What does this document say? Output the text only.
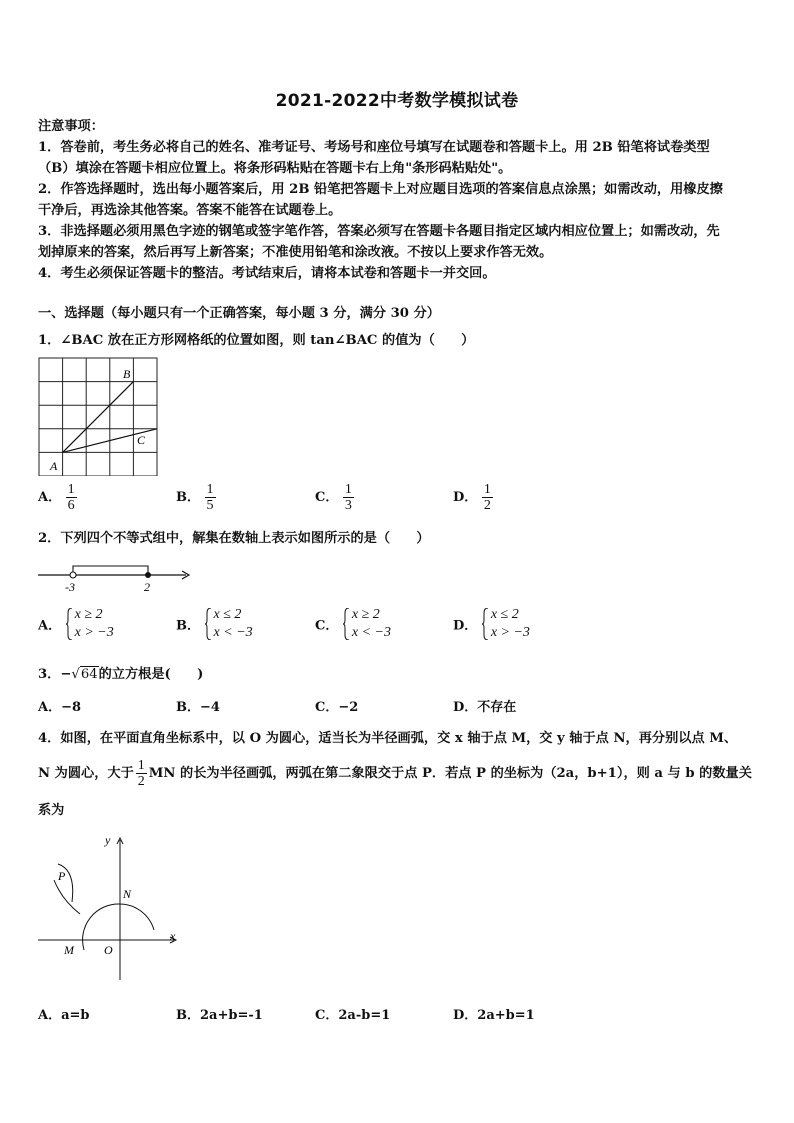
2021-2022中考数学模拟试卷
注意事项：
1．答卷前，考生务必将自己的姓名、准考证号、考场号和座位号填写在试题卷和答题卡上。用 2B 铅笔将试卷类型
（B）填涂在答题卡相应位置上。将条形码粘贴在答题卡右上角"条形码粘贴处"。
2．作答选择题时，选出每小题答案后，用 2B 铅笔把答题卡上对应题目选项的答案信息点涂黑；如需改动，用橡皮擦
干净后，再选涂其他答案。答案不能答在试题卷上。
3．非选择题必须用黑色字迹的钢笔或签字笔作答，答案必须写在答题卡各题目指定区域内相应位置上；如需改动，先
划掉原来的答案，然后再写上新答案；不准使用铅笔和涂改液。不按以上要求作答无效。
4．考生必须保证答题卡的整洁。考试结束后，请将本试卷和答题卡一并交回。
一、选择题（每小题只有一个正确答案，每小题 3 分，满分 30 分）
1．∠BAC 放在正方形网格纸的位置如图，则 tan∠BAC 的值为（　　）
A
B
C
A． $\frac{1}{6}$	B． $\frac{1}{5}$	C． $\frac{1}{3}$	D． $\frac{1}{2}$
2．下列四个不等式组中，解集在数轴上表示如图所示的是（　　）
-3	2
A．
x ≥ 2
x > −3	B．
x ≤ 2
x < −3	C．
x ≥ 2
x < −3	D．
x ≤ 2
x > −3
3．−√64的立方根是(　　)
A．−8	B．−4	C．−2	D．不存在
4．如图，在平面直角坐标系中，以 O 为圆心，适当长为半径画弧，交 x 轴于点 M，交 y 轴于点 N，再分别以点 M、
N 为圆心，大于 $\frac{1}{2}$ MN 的长为半径画弧，两弧在第二象限交于点 P．若点 P 的坐标为（2a，b+1），则 a 与 b 的数量关
系为
P
N
M	O
x
y
A．a=b	B．2a+b=-1	C．2a-b=1	D．2a+b=1
